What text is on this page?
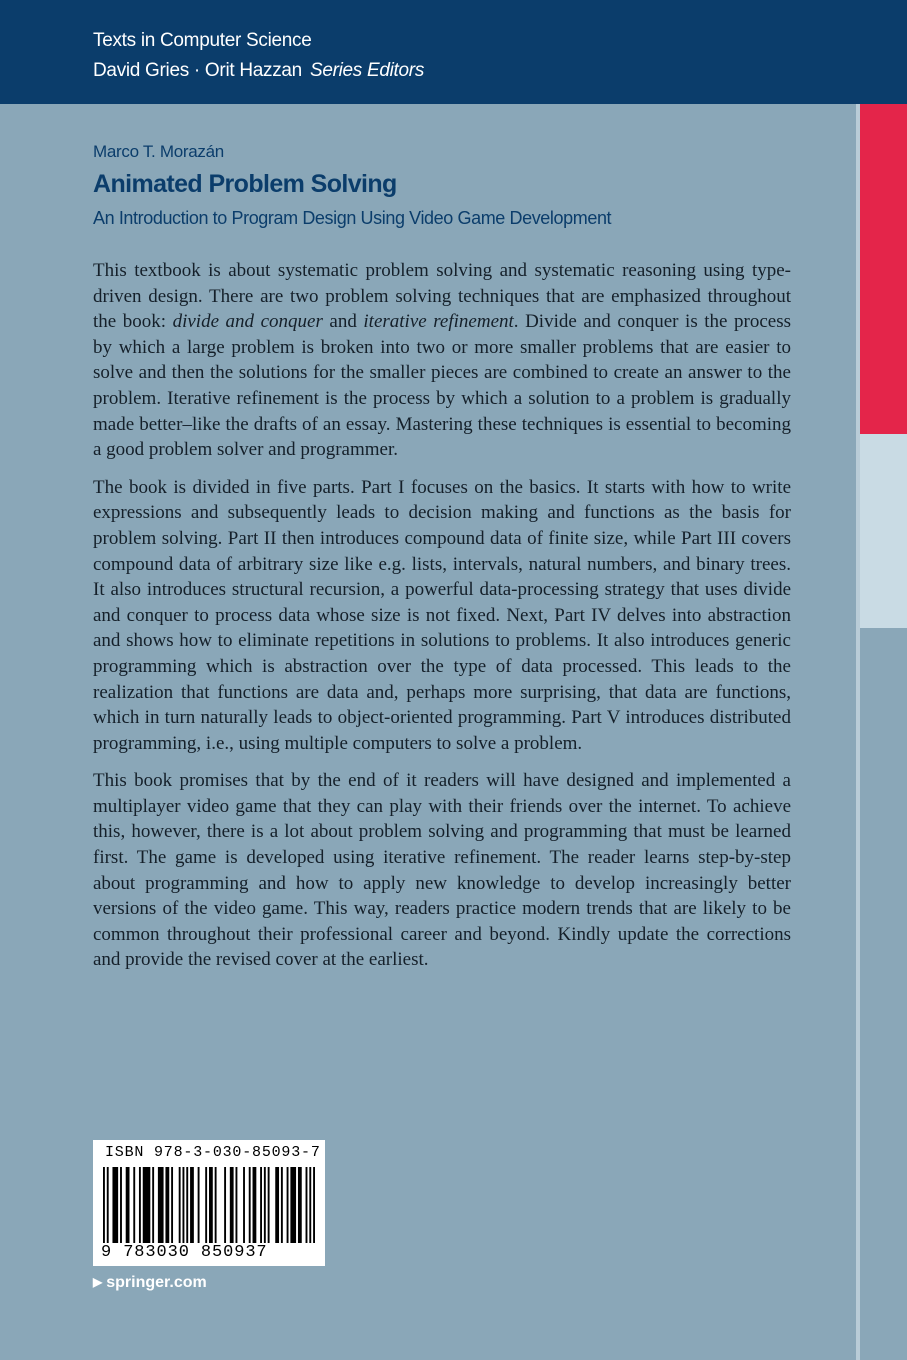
Texts in Computer Science
David Gries · Orit Hazzan Series Editors
Marco T. Morazán
Animated Problem Solving
An Introduction to Program Design Using Video Game Development

This textbook is about systematic problem solving and systematic reasoning using type-driven design. There are two problem solving techniques that are emphasized throughout the book: divide and conquer and iterative refinement. Divide and conquer is the process by which a large problem is broken into two or more smaller problems that are easier to solve and then the solutions for the smaller pieces are combined to create an answer to the problem. Iterative refinement is the process by which a solution to a problem is gradually made better–like the drafts of an essay. Mastering these techniques is essential to becoming a good problem solver and programmer.

The book is divided in five parts. Part I focuses on the basics. It starts with how to write expressions and subsequently leads to decision making and functions as the basis for problem solving. Part II then introduces compound data of finite size, while Part III covers compound data of arbitrary size like e.g. lists, intervals, natural numbers, and binary trees. It also introduces structural recursion, a powerful data-processing strategy that uses divide and conquer to process data whose size is not fixed. Next, Part IV delves into abstraction and shows how to eliminate repetitions in solutions to problems. It also introduces generic programming which is abstraction over the type of data processed. This leads to the realization that functions are data and, perhaps more surprising, that data are functions, which in turn naturally leads to object-oriented programming. Part V introduces distributed programming, i.e., using multiple computers to solve a problem.

This book promises that by the end of it readers will have designed and implemented a multiplayer video game that they can play with their friends over the internet. To achieve this, however, there is a lot about problem solving and programming that must be learned first. The game is developed using iterative refinement. The reader learns step-by-step about programming and how to apply new knowledge to develop increasingly better versions of the video game. This way, readers practice modern trends that are likely to be common throughout their professional career and beyond. Kindly update the corrections and provide the revised cover at the earliest.

ISBN 978-3-030-85093-7
9 783030 850937
▶ springer.com
